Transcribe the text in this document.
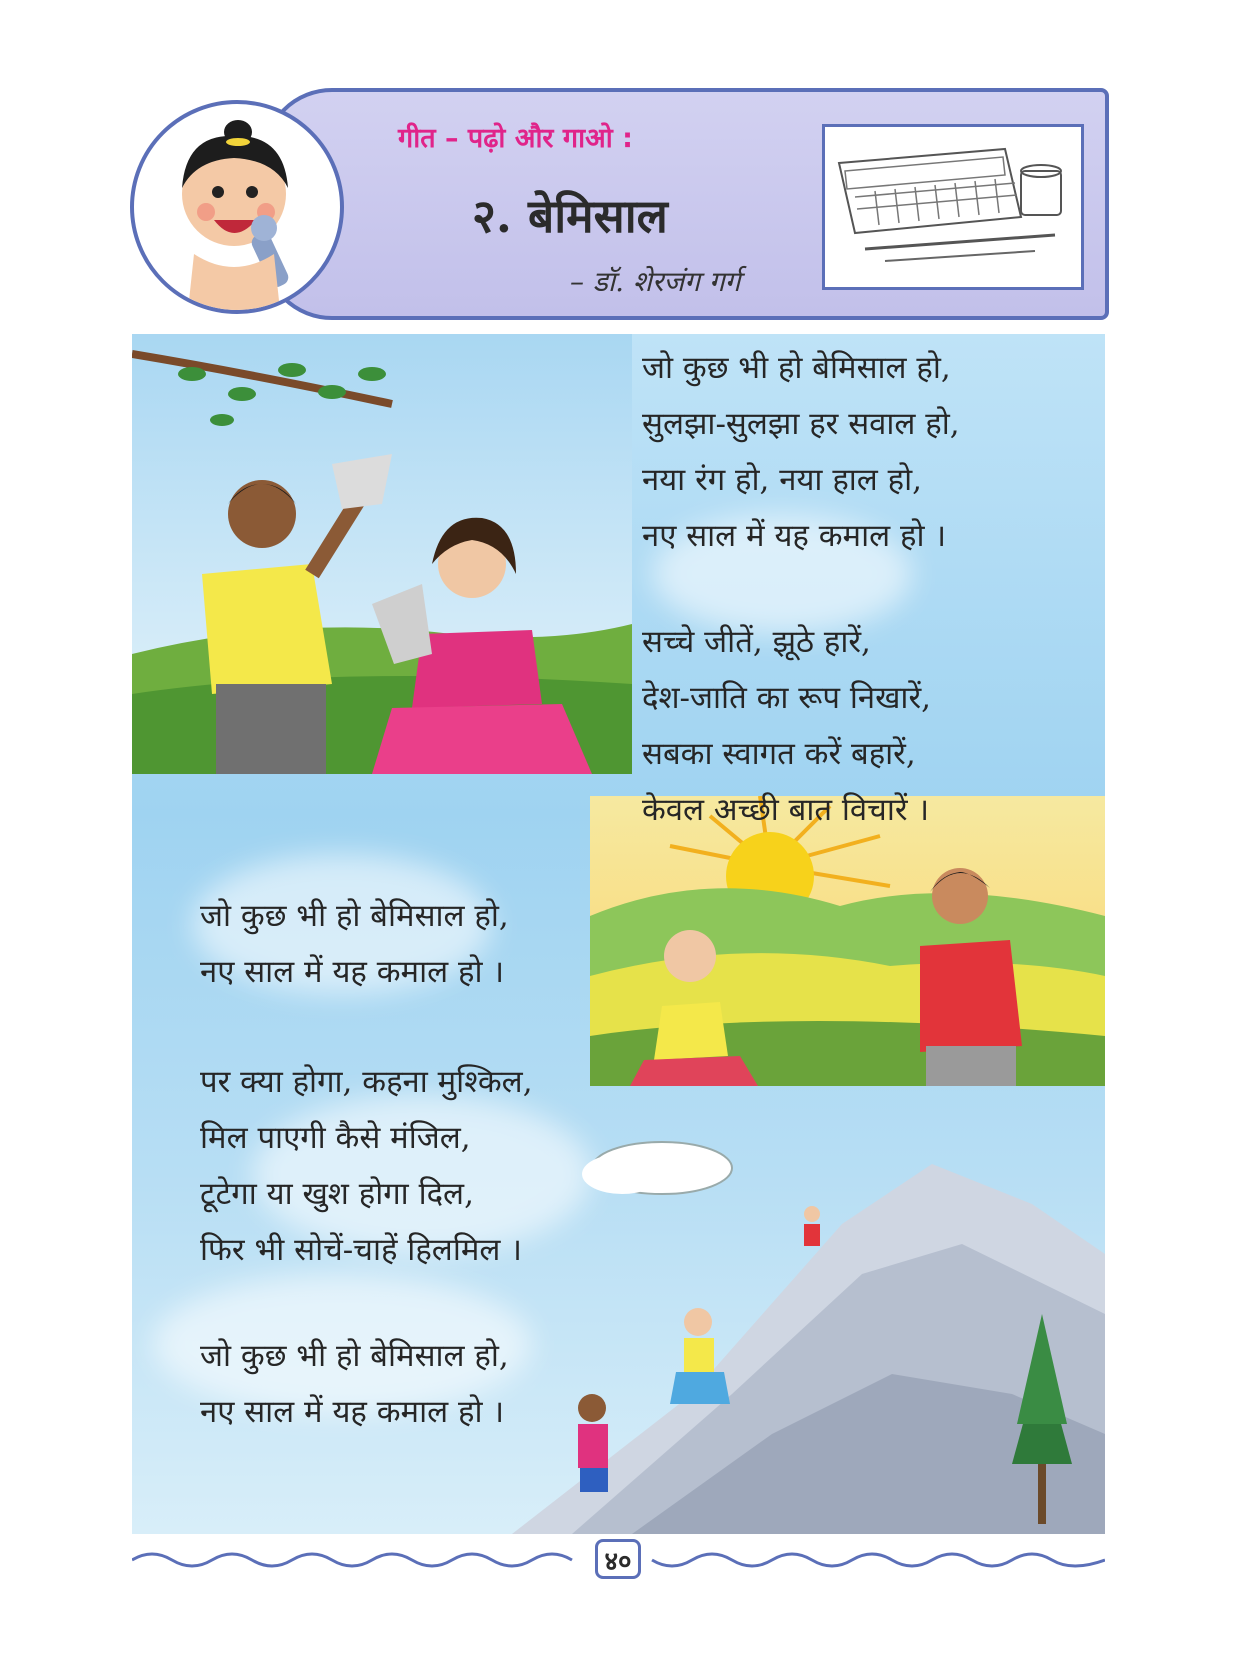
गीत – पढ़ो और गाओ :
२. बेमिसाल
– डॉ. शेरजंग गर्ग
जो कुछ भी हो बेमिसाल हो,
सुलझा-सुलझा हर सवाल हो,
नया रंग हो, नया हाल हो,
नए साल में यह कमाल हो ।
सच्चे जीतें, झूठे हारें,
देश-जाति का रूप निखारें,
सबका स्वागत करें बहारें,
केवल अच्छी बात विचारें ।
जो कुछ भी हो बेमिसाल हो,
नए साल में यह कमाल हो ।
पर क्या होगा, कहना मुश्किल,
मिल पाएगी कैसे मंजिल,
टूटेगा या खुश होगा दिल,
फिर भी सोचें-चाहें हिलमिल ।
जो कुछ भी हो बेमिसाल हो,
नए साल में यह कमाल हो ।
४०
